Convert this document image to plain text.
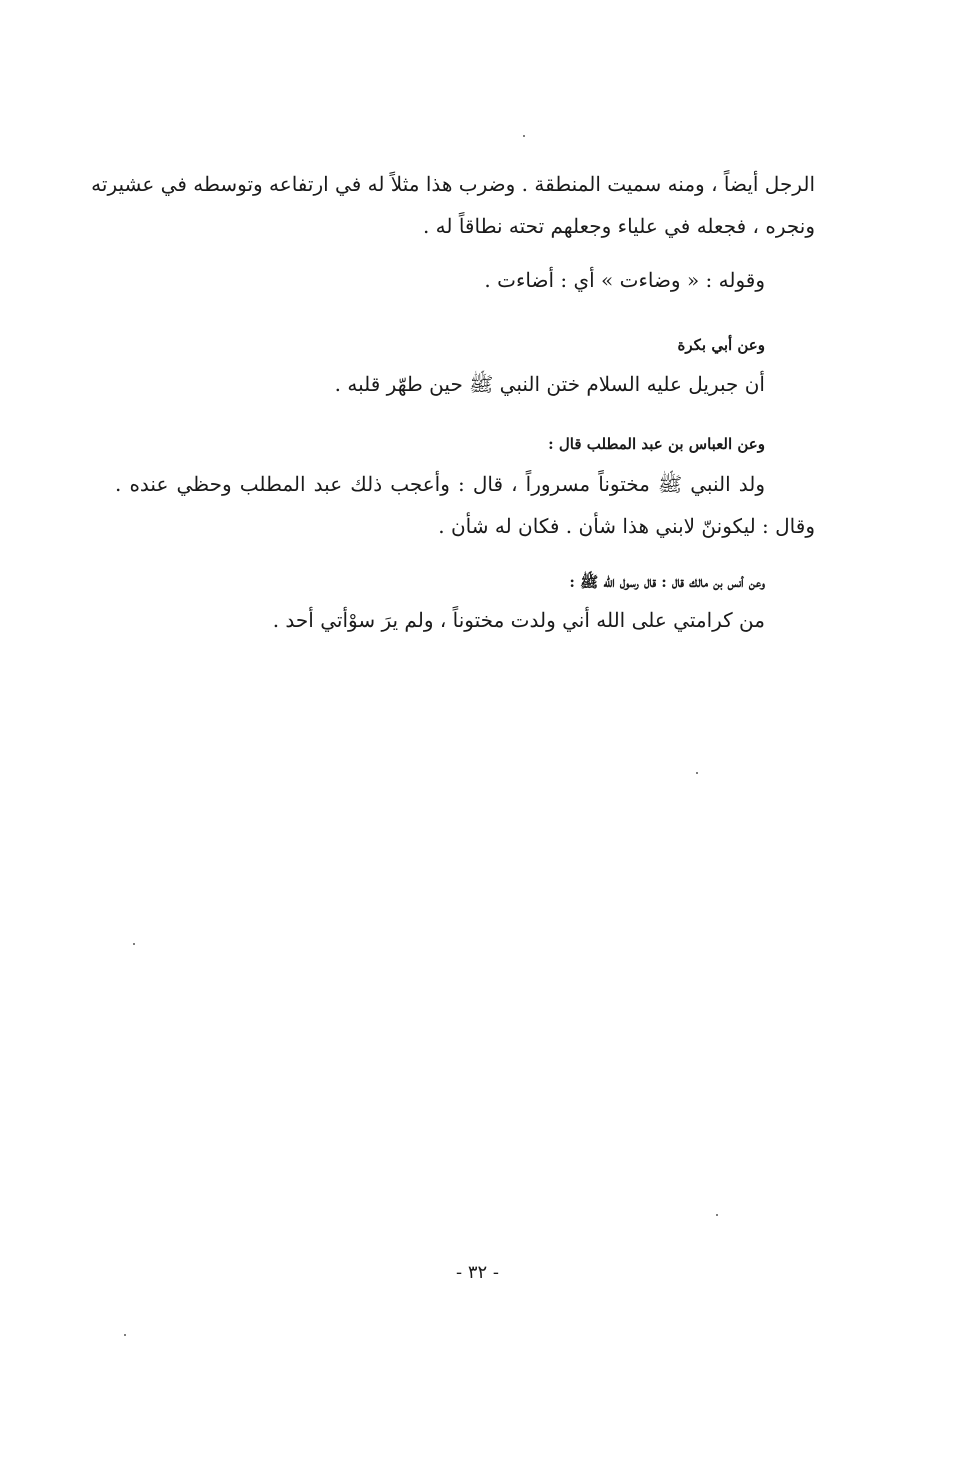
الرجل أيضاً ، ومنه سميت المنطقة . وضرب هذا مثلاً له في ارتفاعه وتوسطه في عشيرته
ونجره ، فجعله في علياء وجعلهم تحته نطاقاً له .
وقوله : « وضاءت » أي : أضاءت .
وعن أبي بكرة
أن جبريل عليه السلام ختن النبي ﷺ حين طهّر قلبه .
وعن العباس بن عبد المطلب قال :
ولد النبي ﷺ مختوناً مسروراً ، قال : وأعجب ذلك عبد المطلب وحظي عنده .
وقال : ليكوننّ لابني هذا شأن . فكان له شأن .
وعن أنس بن مالك قال : قال رسول الله ﷺ :
من كرامتي على الله أني ولدت مختوناً ، ولم يرَ سوْأتي أحد .
- ٣٢ -
